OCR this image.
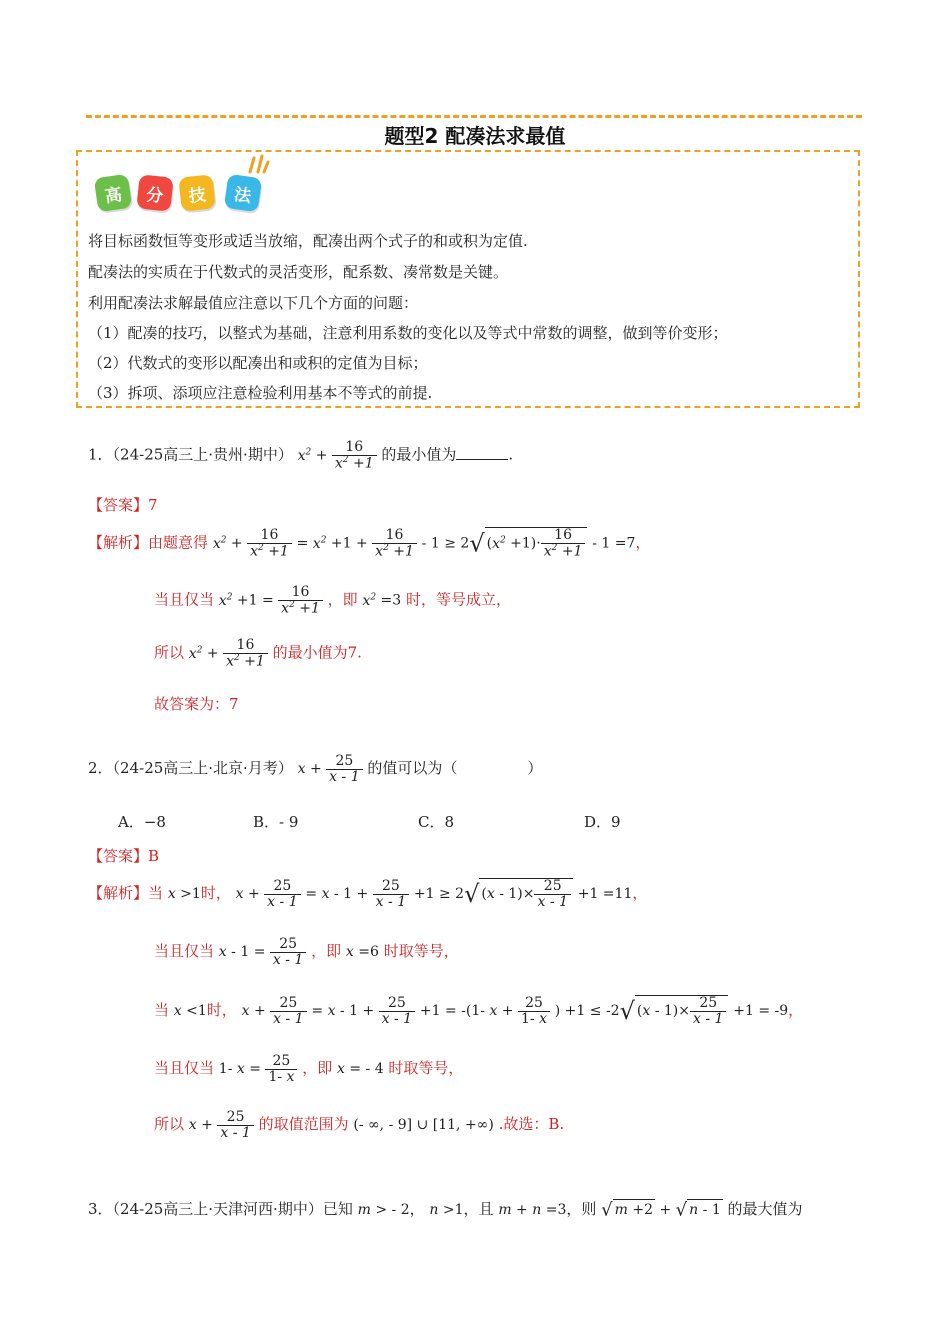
题型2 配凑法求最值
高	分	技	法
将目标函数恒等变形或适当放缩，配凑出两个式子的和或积为定值.
配凑法的实质在于代数式的灵活变形，配系数、凑常数是关键。
利用配凑法求解最值应注意以下几个方面的问题：
（1）配凑的技巧，以整式为基础，注意利用系数的变化以及等式中常数的调整，做到等价变形；
（2）代数式的变形以配凑出和或积的定值为目标；
（3）拆项、添项应注意检验利用基本不等式的前提.
1．（24-25高三上·贵州·期中） $x^2 + \frac{16}{x^2 +1}$ 的最小值为	.
【答案】7
【解析】由题意得 $x^2 + \frac{16}{x^2 +1} = x^2 +1 + \frac{16}{x^2 +1} - 1 \ge 2√$ $(x^2 +1)\cdot \frac{16}{x^2 +1} - 1 =7$，
当且仅当 $x^2 +1 = \frac{16}{x^2 +1}$ ，即 $x^2 =3$ 时，等号成立，
所以 $x^2 + \frac{16}{x^2 +1}$ 的最小值为7.
故答案为：7
2．（24-25高三上·北京·月考） $x + \frac{25}{x - 1}$ 的值可以为（	）
A．−8	B．- 9	C．8	D．9
【答案】B
【解析】当 x >1时， $x + \frac{25}{x - 1} = x - 1 + \frac{25}{x - 1} +1 \ge 2√$ $(x - 1)\times \frac{25}{x - 1} +1 =11$，
当且仅当 $x - 1 = \frac{25}{x - 1}$ ，即 x =6 时取等号，
当 x <1时， $x + \frac{25}{x - 1} = x - 1 + \frac{25}{x - 1} +1 = -(1-$ $x + \frac{25}{1- x}$ ) +1 ≤ -2√ $(x - 1)\times \frac{25}{x - 1} +1 = -9$，
当且仅当 1- $x = \frac{25}{1- x}$ ，即 x = - 4 时取等号，
所以 $x + \frac{25}{x - 1}$ 的取值范围为 (- ∞, - 9] ∪ [11, +∞) .故选：B.
3．（24-25高三上·天津河西·期中）已知 m > - 2， n >1，且 m + n =3，则 √ m +2 + √ n - 1 的最大值为
